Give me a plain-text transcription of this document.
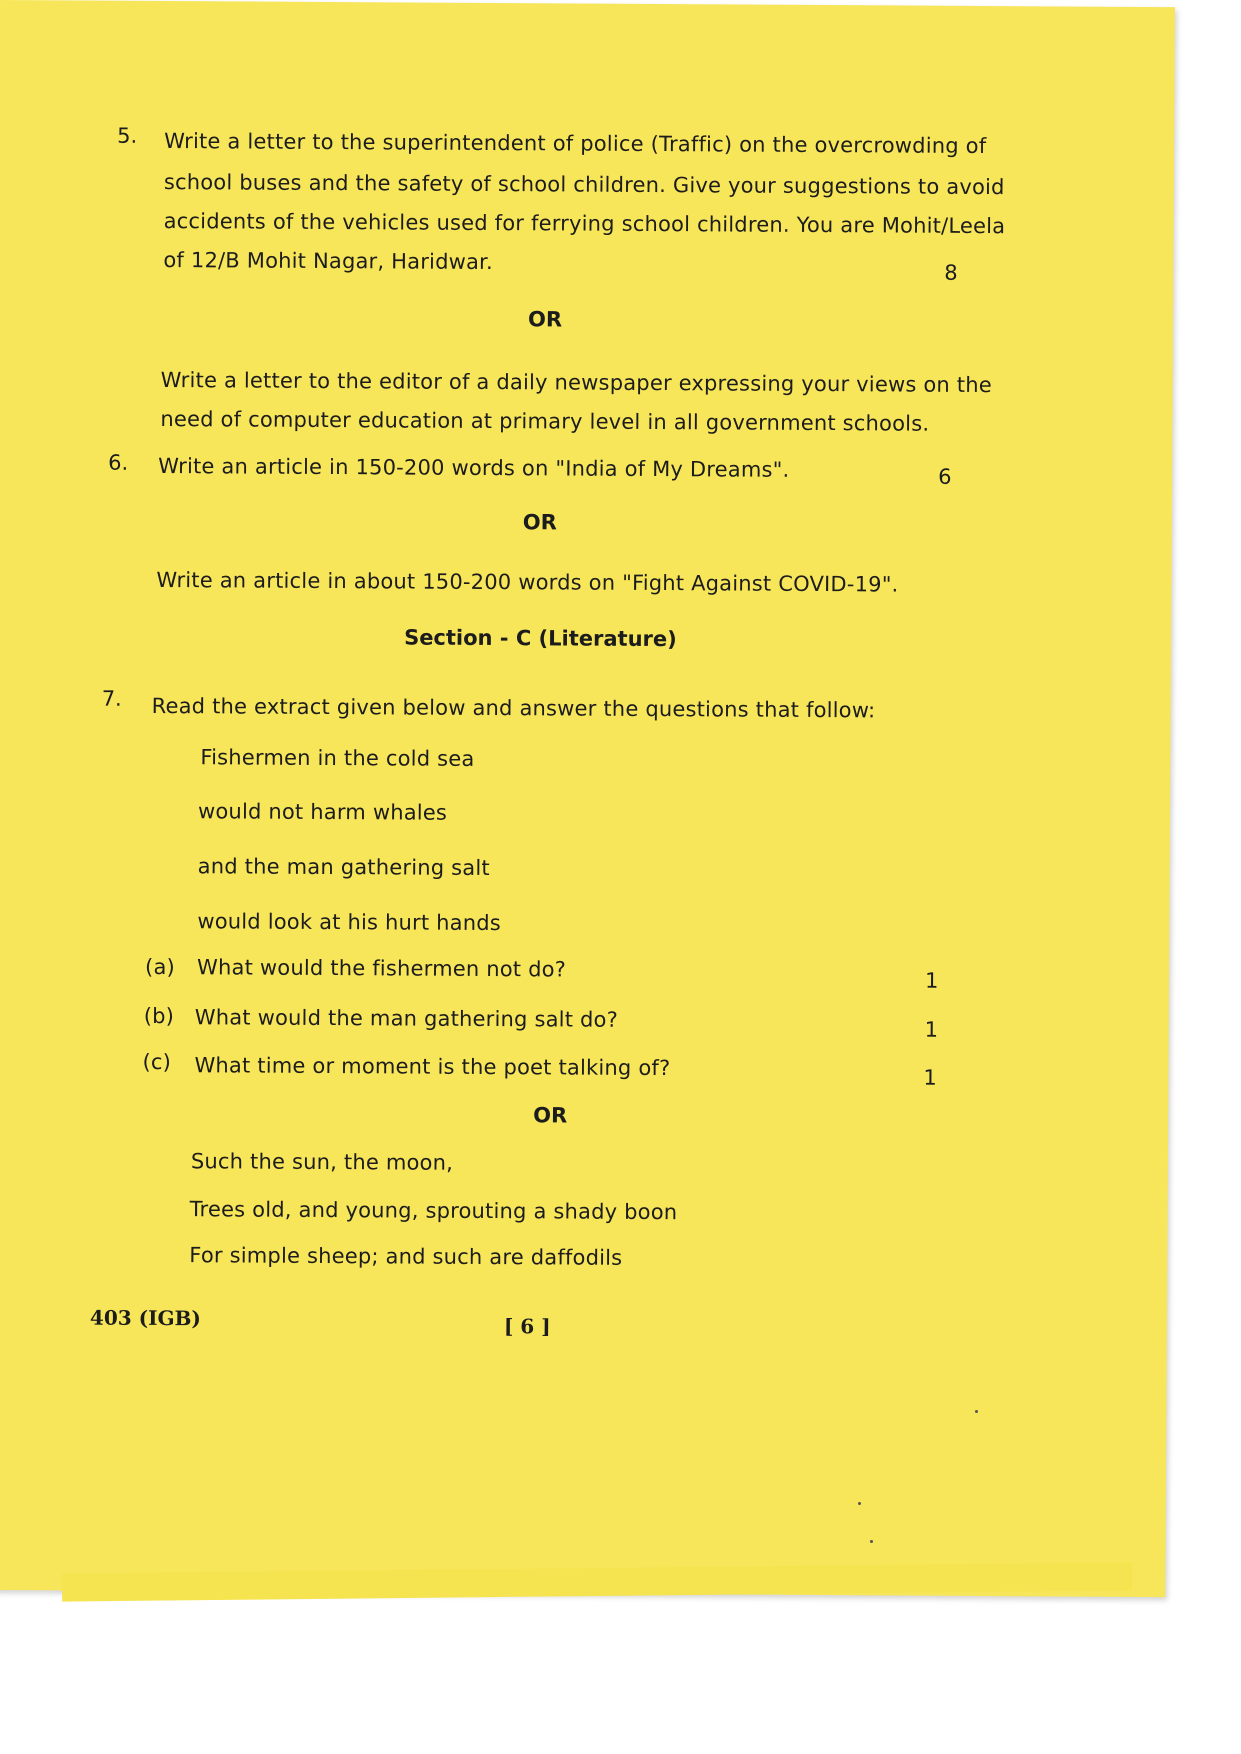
5. Write a letter to the superintendent of police (Traffic) on the overcrowding of
school buses and the safety of school children. Give your suggestions to avoid
accidents of the vehicles used for ferrying school children. You are Mohit/Leela
of 12/B Mohit Nagar, Haridwar.	8
OR
Write a letter to the editor of a daily newspaper expressing your views on the
need of computer education at primary level in all government schools.
6. Write an article in 150-200 words on "India of My Dreams".	6
OR
Write an article in about 150-200 words on "Fight Against COVID-19".
Section - C (Literature)
7. Read the extract given below and answer the questions that follow:
Fishermen in the cold sea
would not harm whales
and the man gathering salt
would look at his hurt hands
(a) What would the fishermen not do?	1
(b) What would the man gathering salt do?	1
(c) What time or moment is the poet talking of?	1
OR
Such the sun, the moon,
Trees old, and young, sprouting a shady boon
For simple sheep; and such are daffodils
403 (IGB)	[ 6 ]
